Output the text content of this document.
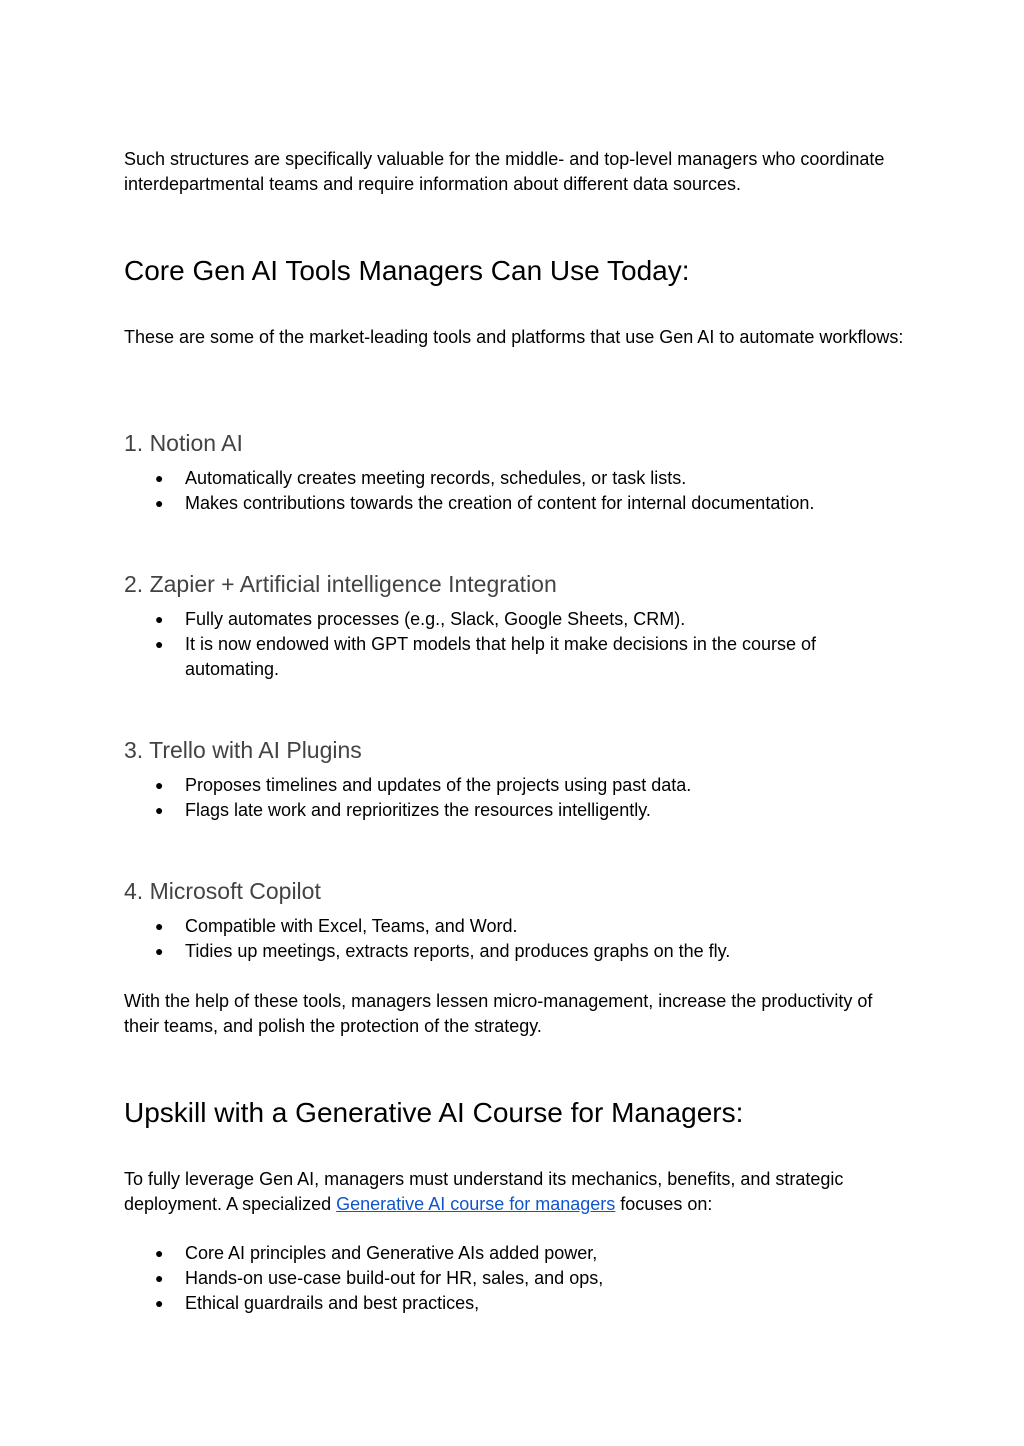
Such structures are specifically valuable for the middle- and top-level managers who coordinate interdepartmental teams and require information about different data sources.

Core Gen AI Tools Managers Can Use Today:

These are some of the market-leading tools and platforms that use Gen AI to automate workflows:

1. Notion AI
● Automatically creates meeting records, schedules, or task lists.
● Makes contributions towards the creation of content for internal documentation.
2. Zapier + Artificial intelligence Integration
● Fully automates processes (e.g., Slack, Google Sheets, CRM).
● It is now endowed with GPT models that help it make decisions in the course of automating.
3. Trello with AI Plugins
● Proposes timelines and updates of the projects using past data.
● Flags late work and reprioritizes the resources intelligently.
4. Microsoft Copilot
● Compatible with Excel, Teams, and Word.
● Tidies up meetings, extracts reports, and produces graphs on the fly.

With the help of these tools, managers lessen micro-management, increase the productivity of their teams, and polish the protection of the strategy.

Upskill with a Generative AI Course for Managers:

To fully leverage Gen AI, managers must understand its mechanics, benefits, and strategic deployment. A specialized Generative AI course for managers focuses on:

● Core AI principles and Generative AIs added power,
● Hands-on use-case build-out for HR, sales, and ops,
● Ethical guardrails and best practices,
